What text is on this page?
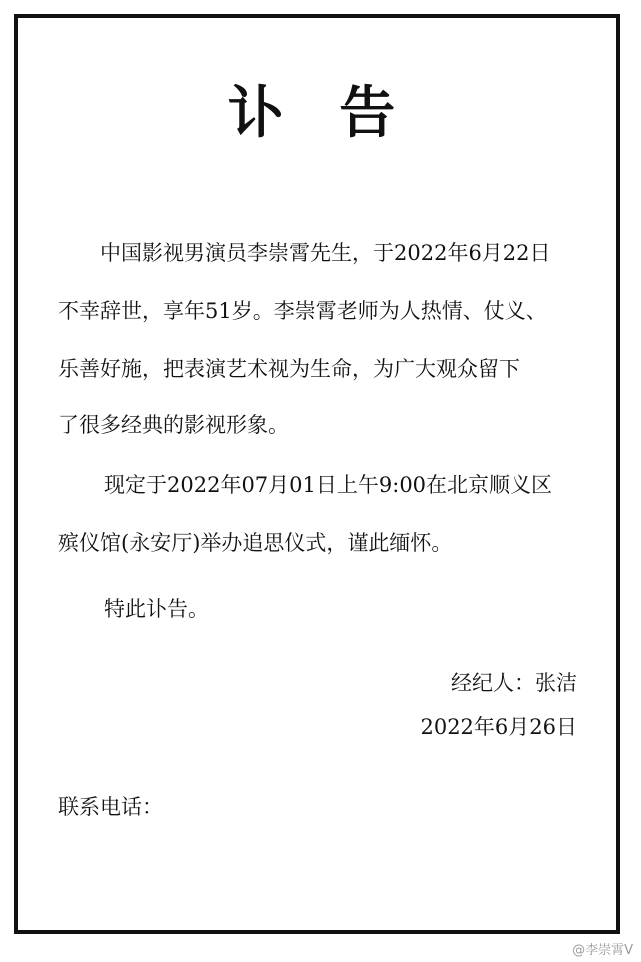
讣 告
中国影视男演员李崇霄先生，于2022年6月22日
不幸辞世，享年51岁。李崇霄老师为人热情、仗义、
乐善好施，把表演艺术视为生命，为广大观众留下
了很多经典的影视形象。
现定于2022年07月01日上午9:00在北京顺义区
殡仪馆(永安厅)举办追思仪式，谨此缅怀。
特此讣告。
经纪人：张洁
2022年6月26日
联系电话：
@李崇霄V
